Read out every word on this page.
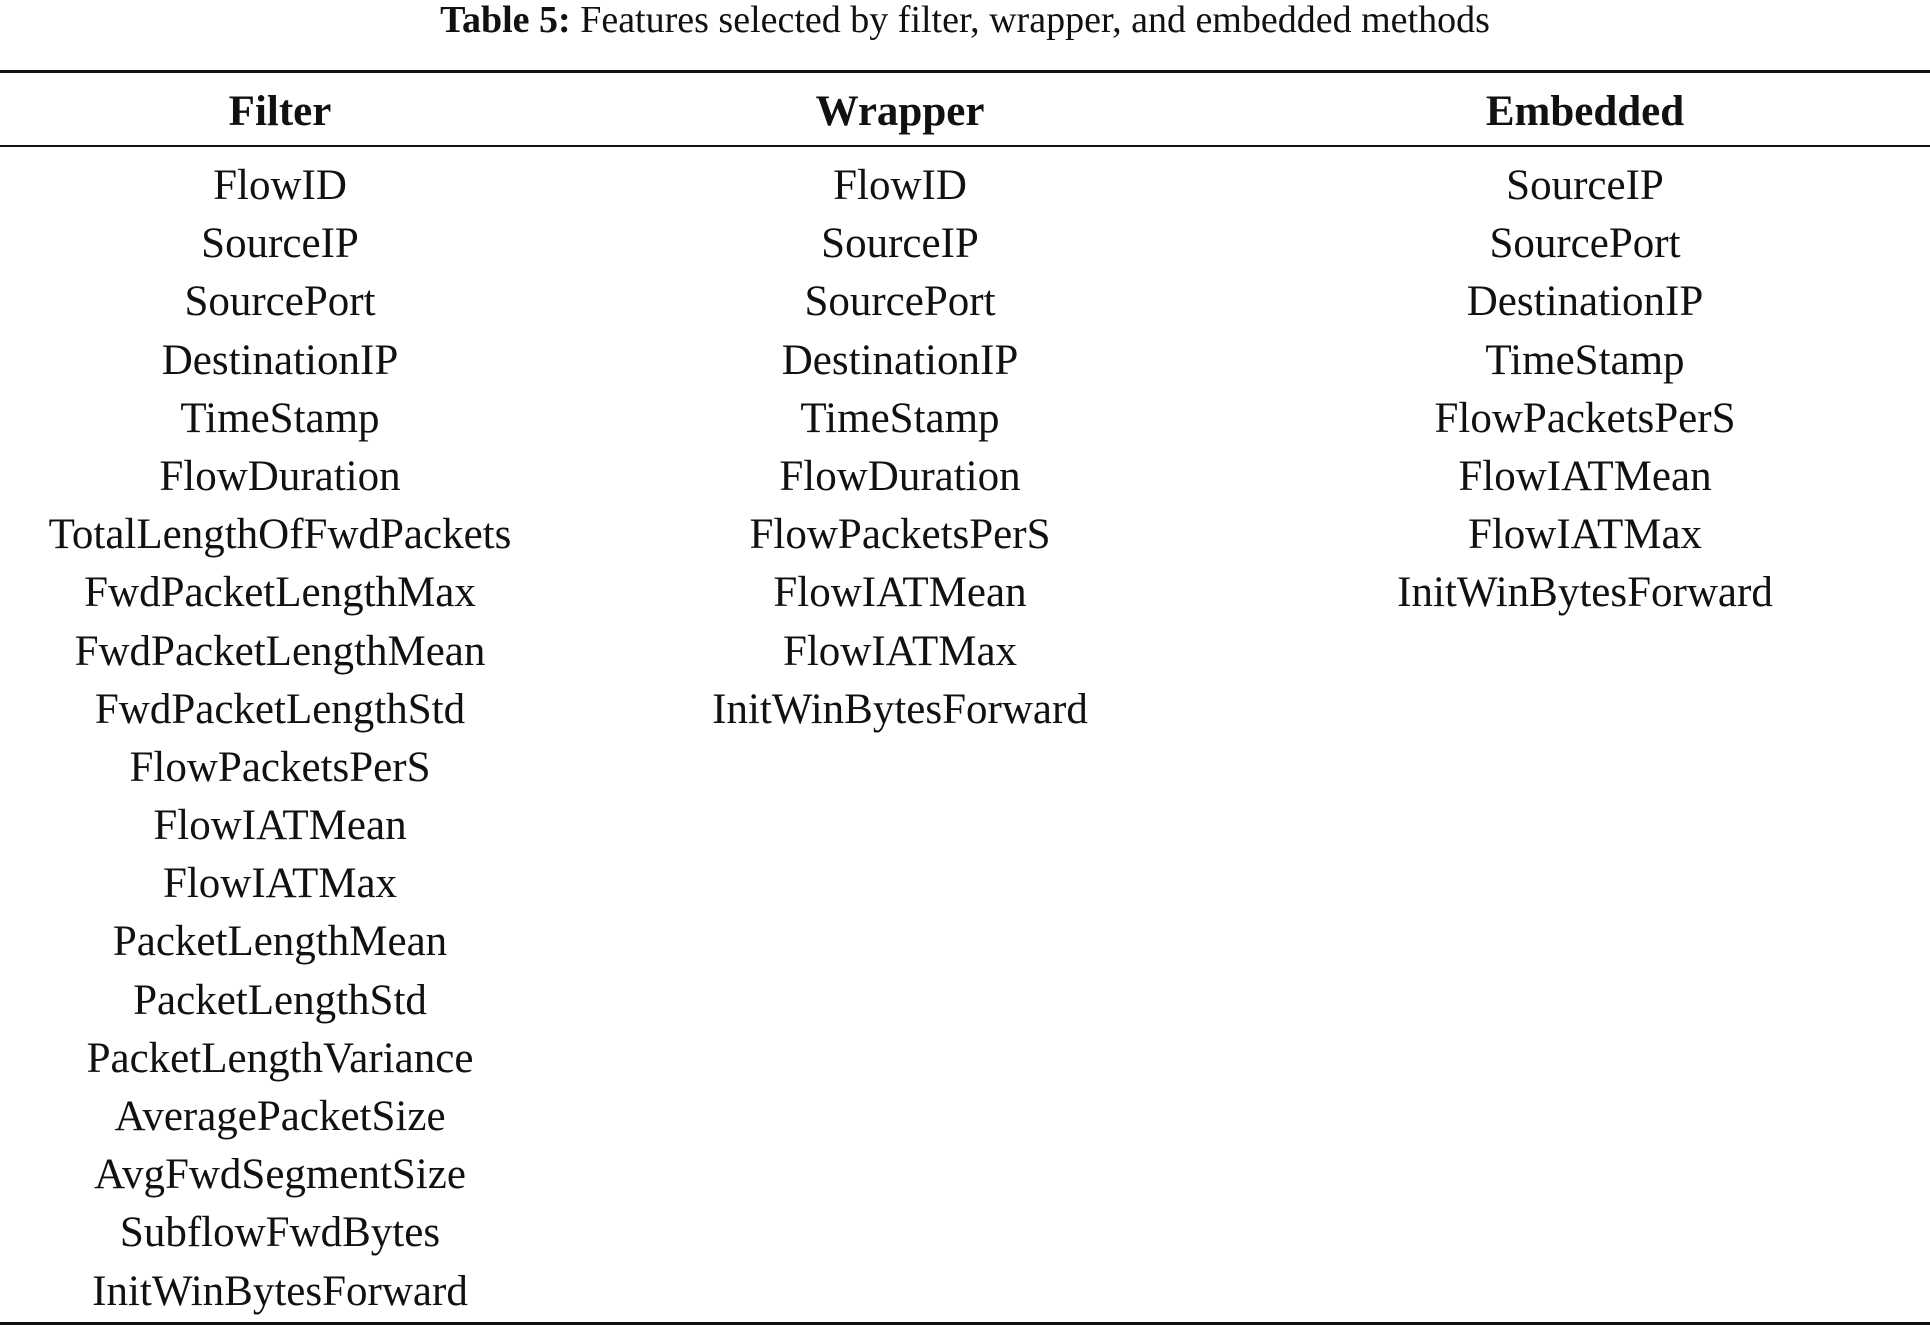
Table 5: Features selected by filter, wrapper, and embedded methods
Filter	Wrapper	Embedded
FlowID
SourceIP
SourcePort
DestinationIP
TimeStamp
FlowDuration
TotalLengthOfFwdPackets
FwdPacketLengthMax
FwdPacketLengthMean
FwdPacketLengthStd
FlowPacketsPerS
FlowIATMean
FlowIATMax
PacketLengthMean
PacketLengthStd
PacketLengthVariance
AveragePacketSize
AvgFwdSegmentSize
SubflowFwdBytes
InitWinBytesForward
FlowID
SourceIP
SourcePort
DestinationIP
TimeStamp
FlowDuration
FlowPacketsPerS
FlowIATMean
FlowIATMax
InitWinBytesForward
SourceIP
SourcePort
DestinationIP
TimeStamp
FlowPacketsPerS
FlowIATMean
FlowIATMax
InitWinBytesForward
